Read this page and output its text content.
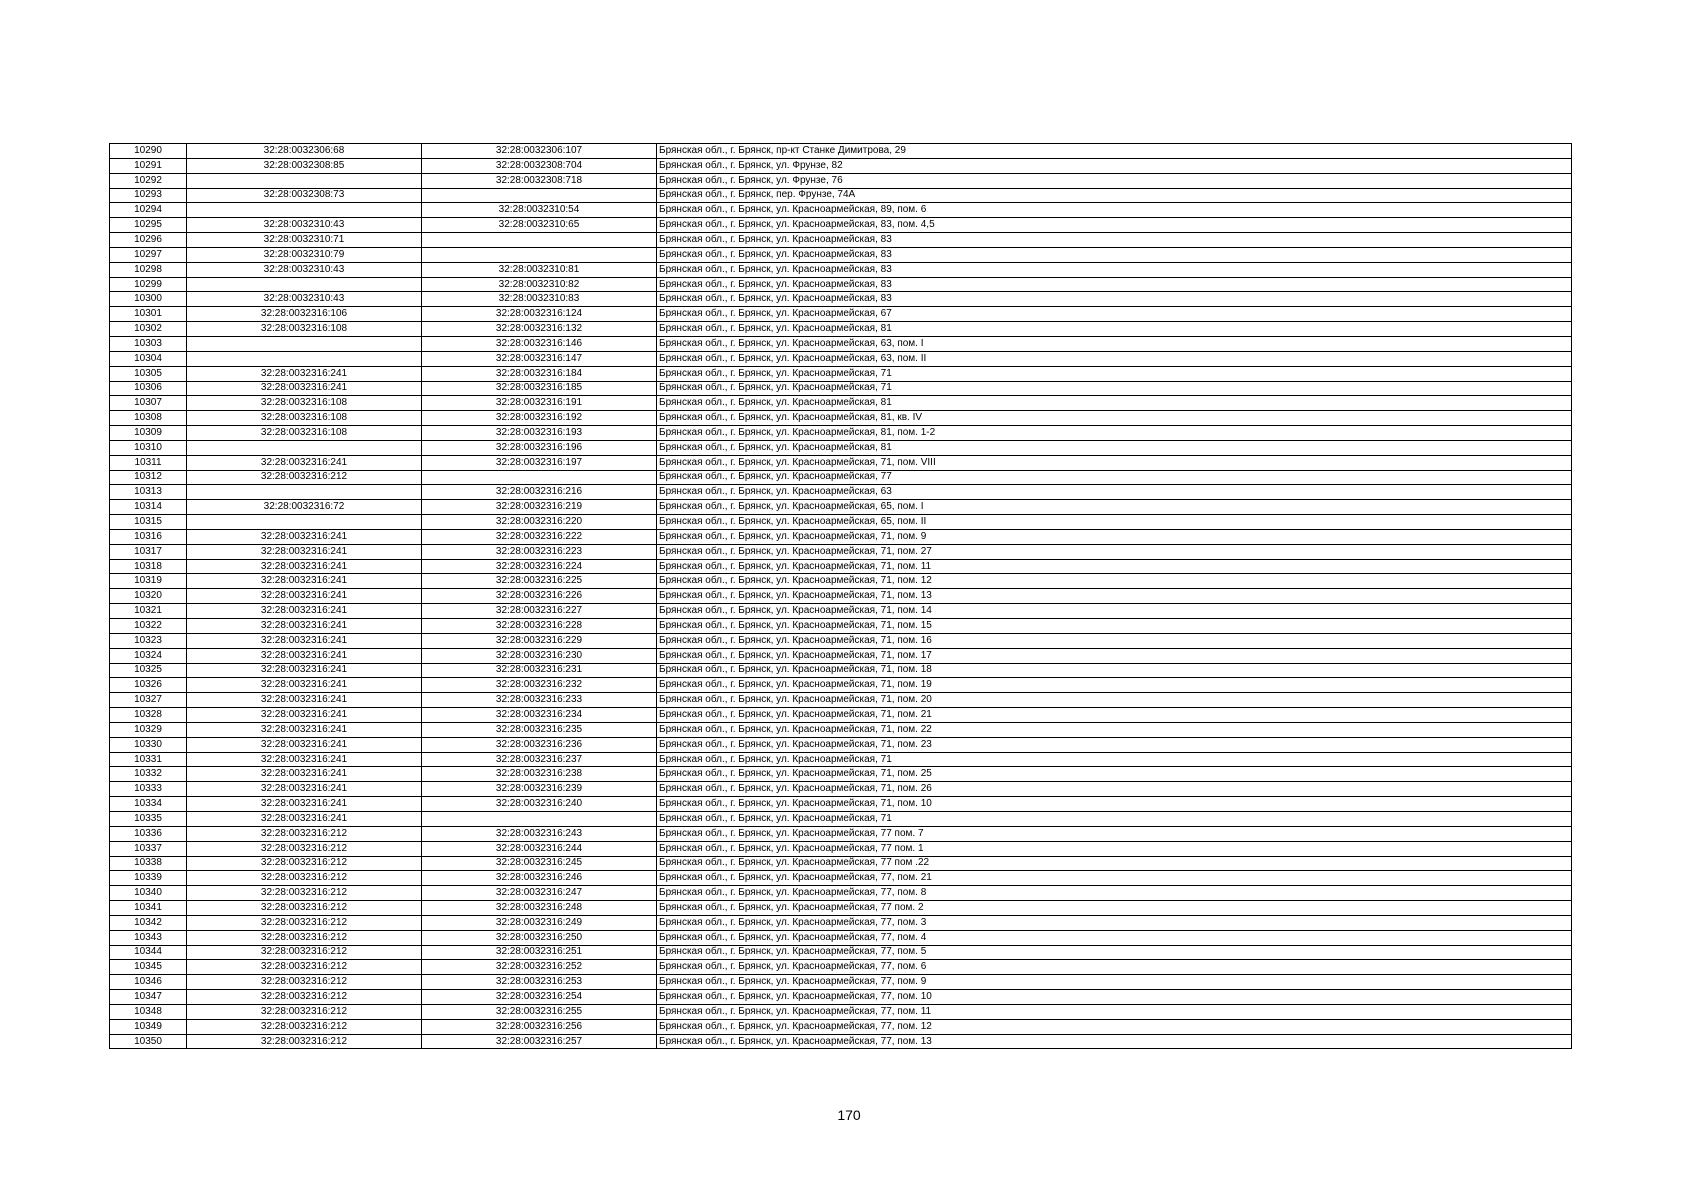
10290	32:28:0032306:68	32:28:0032306:107	Брянская обл., г. Брянск, пр-кт Станке Димитрова, 29
10291	32:28:0032308:85	32:28:0032308:704	Брянская обл., г. Брянск, ул. Фрунзе, 82
10292		32:28:0032308:718	Брянская обл., г. Брянск, ул. Фрунзе, 76
10293	32:28:0032308:73		Брянская обл., г. Брянск, пер. Фрунзе, 74А
10294		32:28:0032310:54	Брянская обл., г. Брянск, ул. Красноармейская, 89, пом. 6
10295	32:28:0032310:43	32:28:0032310:65	Брянская обл., г. Брянск, ул. Красноармейская, 83, пом. 4,5
10296	32:28:0032310:71		Брянская обл., г. Брянск, ул. Красноармейская, 83
10297	32:28:0032310:79		Брянская обл., г. Брянск, ул. Красноармейская, 83
10298	32:28:0032310:43	32:28:0032310:81	Брянская обл., г. Брянск, ул. Красноармейская, 83
10299		32:28:0032310:82	Брянская обл., г. Брянск, ул. Красноармейская, 83
10300	32:28:0032310:43	32:28:0032310:83	Брянская обл., г. Брянск, ул. Красноармейская, 83
10301	32:28:0032316:106	32:28:0032316:124	Брянская обл., г. Брянск, ул. Красноармейская, 67
10302	32:28:0032316:108	32:28:0032316:132	Брянская обл., г. Брянск, ул. Красноармейская, 81
10303		32:28:0032316:146	Брянская обл., г. Брянск, ул. Красноармейская, 63, пом. I
10304		32:28:0032316:147	Брянская обл., г. Брянск, ул. Красноармейская, 63, пом. II
10305	32:28:0032316:241	32:28:0032316:184	Брянская обл., г. Брянск, ул. Красноармейская, 71
10306	32:28:0032316:241	32:28:0032316:185	Брянская обл., г. Брянск, ул. Красноармейская, 71
10307	32:28:0032316:108	32:28:0032316:191	Брянская обл., г. Брянск, ул. Красноармейская, 81
10308	32:28:0032316:108	32:28:0032316:192	Брянская обл., г. Брянск, ул. Красноармейская, 81, кв. IV
10309	32:28:0032316:108	32:28:0032316:193	Брянская обл., г. Брянск, ул. Красноармейская, 81, пом. 1-2
10310		32:28:0032316:196	Брянская обл., г. Брянск, ул. Красноармейская, 81
10311	32:28:0032316:241	32:28:0032316:197	Брянская обл., г. Брянск, ул. Красноармейская, 71, пом. VIII
10312	32:28:0032316:212		Брянская обл., г. Брянск, ул. Красноармейская, 77
10313		32:28:0032316:216	Брянская обл., г. Брянск, ул. Красноармейская, 63
10314	32:28:0032316:72	32:28:0032316:219	Брянская обл., г. Брянск, ул. Красноармейская, 65, пом. I
10315		32:28:0032316:220	Брянская обл., г. Брянск, ул. Красноармейская, 65, пом. II
10316	32:28:0032316:241	32:28:0032316:222	Брянская обл., г. Брянск, ул. Красноармейская, 71, пом. 9
10317	32:28:0032316:241	32:28:0032316:223	Брянская обл., г. Брянск, ул. Красноармейская, 71, пом. 27
10318	32:28:0032316:241	32:28:0032316:224	Брянская обл., г. Брянск, ул. Красноармейская, 71, пом. 11
10319	32:28:0032316:241	32:28:0032316:225	Брянская обл., г. Брянск, ул. Красноармейская, 71, пом. 12
10320	32:28:0032316:241	32:28:0032316:226	Брянская обл., г. Брянск, ул. Красноармейская, 71, пом. 13
10321	32:28:0032316:241	32:28:0032316:227	Брянская обл., г. Брянск, ул. Красноармейская, 71, пом. 14
10322	32:28:0032316:241	32:28:0032316:228	Брянская обл., г. Брянск, ул. Красноармейская, 71, пом. 15
10323	32:28:0032316:241	32:28:0032316:229	Брянская обл., г. Брянск, ул. Красноармейская, 71, пом. 16
10324	32:28:0032316:241	32:28:0032316:230	Брянская обл., г. Брянск, ул. Красноармейская, 71, пом. 17
10325	32:28:0032316:241	32:28:0032316:231	Брянская обл., г. Брянск, ул. Красноармейская, 71, пом. 18
10326	32:28:0032316:241	32:28:0032316:232	Брянская обл., г. Брянск, ул. Красноармейская, 71, пом. 19
10327	32:28:0032316:241	32:28:0032316:233	Брянская обл., г. Брянск, ул. Красноармейская, 71, пом. 20
10328	32:28:0032316:241	32:28:0032316:234	Брянская обл., г. Брянск, ул. Красноармейская, 71, пом. 21
10329	32:28:0032316:241	32:28:0032316:235	Брянская обл., г. Брянск, ул. Красноармейская, 71, пом. 22
10330	32:28:0032316:241	32:28:0032316:236	Брянская обл., г. Брянск, ул. Красноармейская, 71, пом. 23
10331	32:28:0032316:241	32:28:0032316:237	Брянская обл., г. Брянск, ул. Красноармейская, 71
10332	32:28:0032316:241	32:28:0032316:238	Брянская обл., г. Брянск, ул. Красноармейская, 71, пом. 25
10333	32:28:0032316:241	32:28:0032316:239	Брянская обл., г. Брянск, ул. Красноармейская, 71, пом. 26
10334	32:28:0032316:241	32:28:0032316:240	Брянская обл., г. Брянск, ул. Красноармейская, 71, пом. 10
10335	32:28:0032316:241		Брянская обл., г. Брянск, ул. Красноармейская, 71
10336	32:28:0032316:212	32:28:0032316:243	Брянская обл., г. Брянск, ул. Красноармейская, 77 пом. 7
10337	32:28:0032316:212	32:28:0032316:244	Брянская обл., г. Брянск, ул. Красноармейская, 77 пом. 1
10338	32:28:0032316:212	32:28:0032316:245	Брянская обл., г. Брянск, ул. Красноармейская, 77 пом .22
10339	32:28:0032316:212	32:28:0032316:246	Брянская обл., г. Брянск, ул. Красноармейская, 77, пом. 21
10340	32:28:0032316:212	32:28:0032316:247	Брянская обл., г. Брянск, ул. Красноармейская, 77, пом. 8
10341	32:28:0032316:212	32:28:0032316:248	Брянская обл., г. Брянск, ул. Красноармейская, 77 пом. 2
10342	32:28:0032316:212	32:28:0032316:249	Брянская обл., г. Брянск, ул. Красноармейская, 77, пом. 3
10343	32:28:0032316:212	32:28:0032316:250	Брянская обл., г. Брянск, ул. Красноармейская, 77, пом. 4
10344	32:28:0032316:212	32:28:0032316:251	Брянская обл., г. Брянск, ул. Красноармейская, 77, пом. 5
10345	32:28:0032316:212	32:28:0032316:252	Брянская обл., г. Брянск, ул. Красноармейская, 77, пом. 6
10346	32:28:0032316:212	32:28:0032316:253	Брянская обл., г. Брянск, ул. Красноармейская, 77, пом. 9
10347	32:28:0032316:212	32:28:0032316:254	Брянская обл., г. Брянск, ул. Красноармейская, 77, пом. 10
10348	32:28:0032316:212	32:28:0032316:255	Брянская обл., г. Брянск, ул. Красноармейская, 77, пом. 11
10349	32:28:0032316:212	32:28:0032316:256	Брянская обл., г. Брянск, ул. Красноармейская, 77, пом. 12
10350	32:28:0032316:212	32:28:0032316:257	Брянская обл., г. Брянск, ул. Красноармейская, 77, пом. 13
170
